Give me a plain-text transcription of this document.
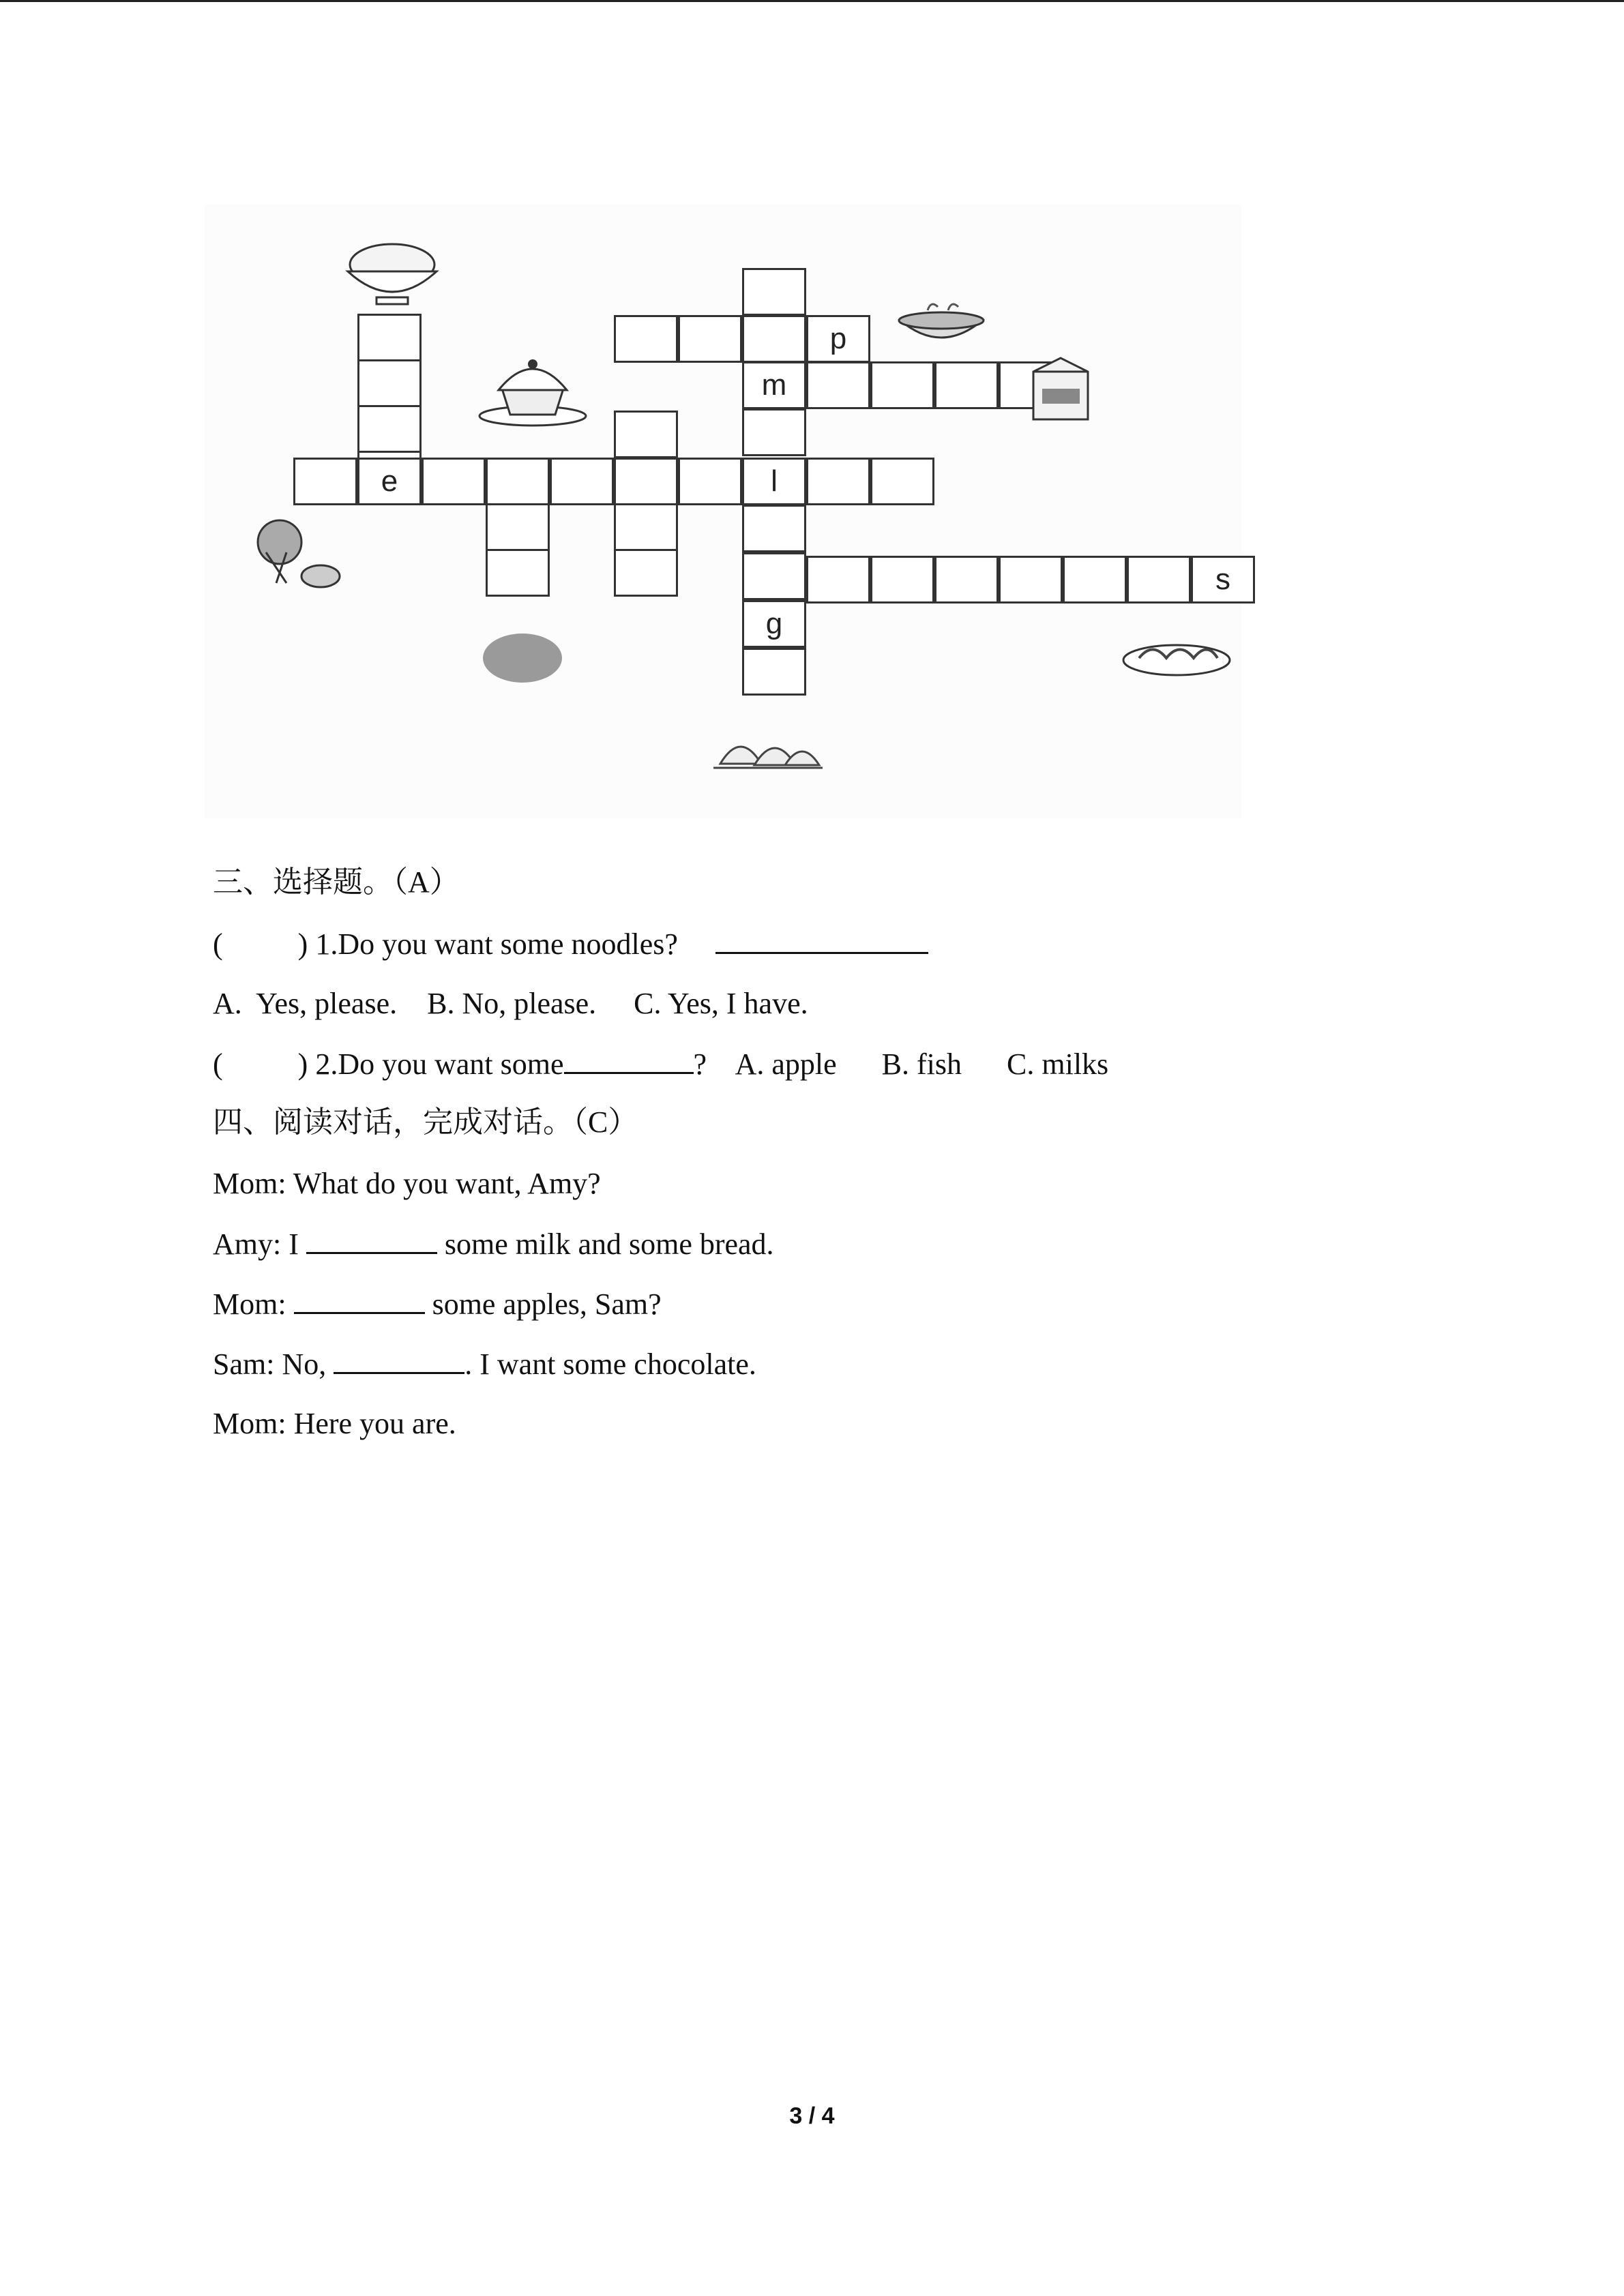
e	l
p
m
g
s
三、选择题。（A）
(          ) 1.Do you want some noodles?
A.  Yes, please.    B. No, please.     C. Yes, I have.
(          ) 2.Do you want some	? A. apple      B. fish      C. milks
四、阅读对话，完成对话。（C）
Mom: What do you want, Amy?
Amy: I	some milk and some bread.
Mom:	some apples, Sam?
Sam: No,	. I want some chocolate.
Mom: Here you are.
3 / 4
